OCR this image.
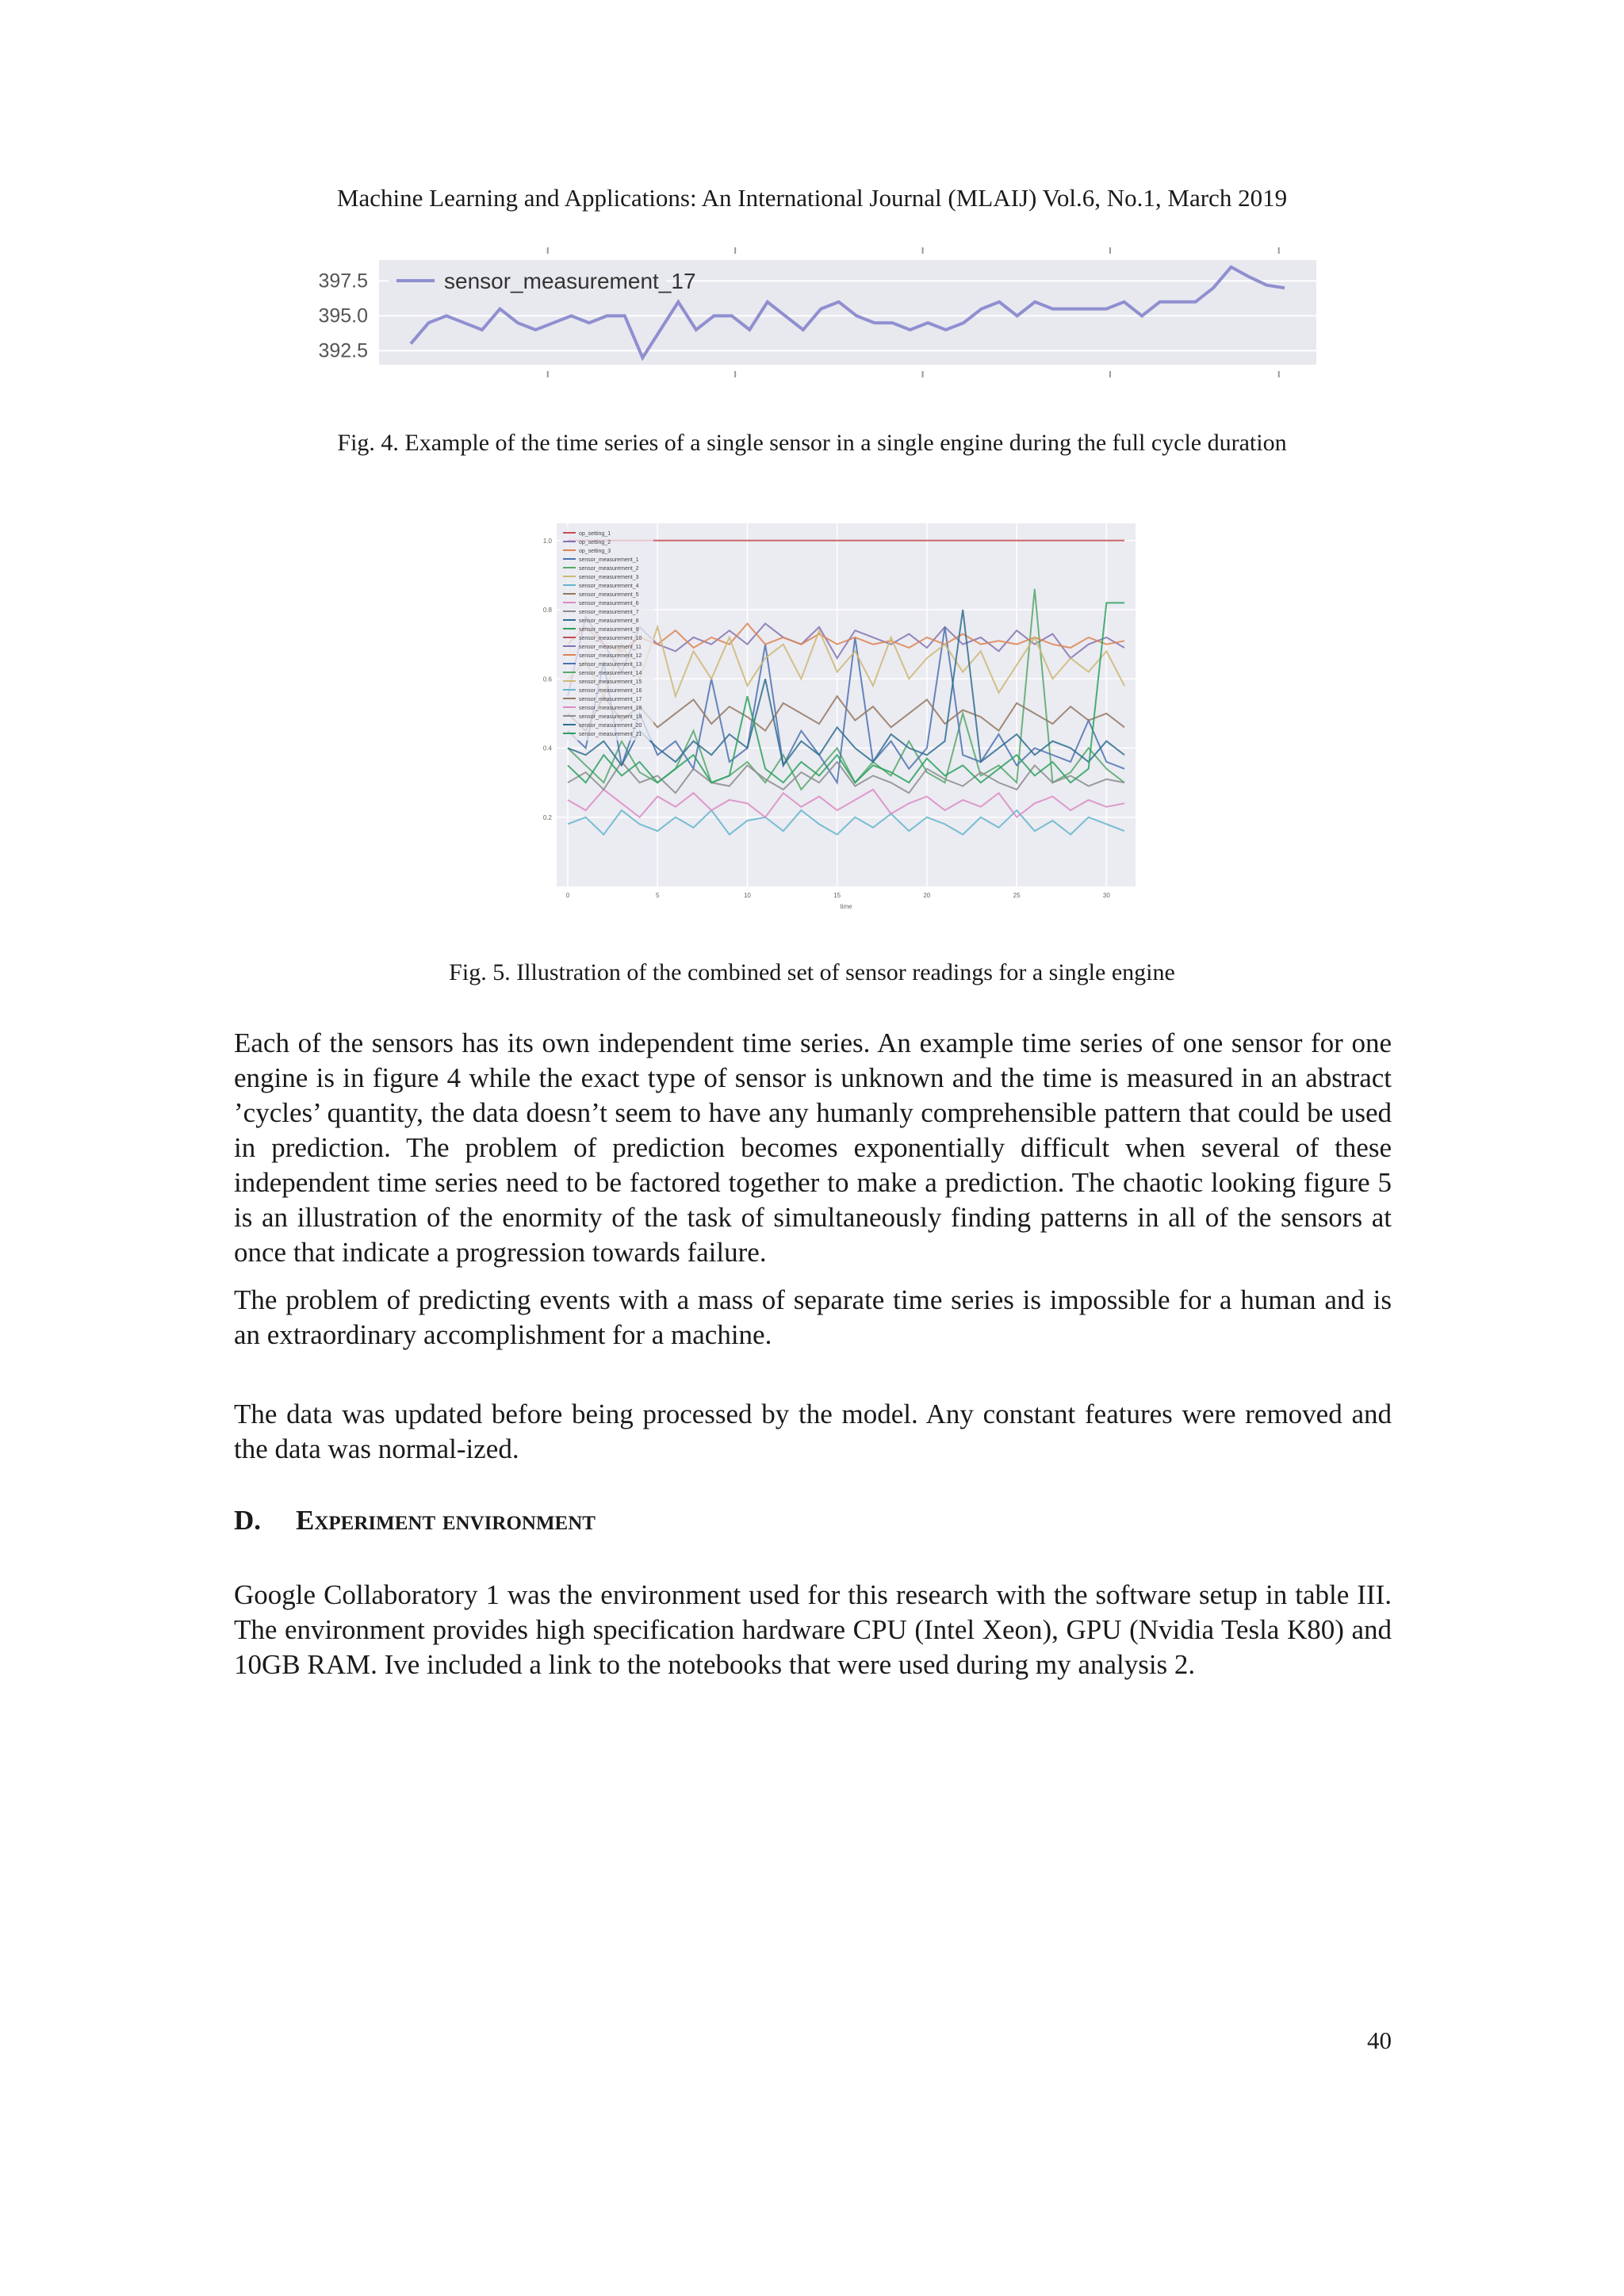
Machine Learning and Applications: An International Journal (MLAIJ) Vol.6, No.1, March 2019
397.5
395.0
392.5
sensor_measurement_17
Fig. 4. Example of the time series of a single sensor in a single engine during the full cycle duration
1.0
0.8
0.6
0.4
0.2
0	5	10	15	20	25	30
time
op_setting_1
op_setting_2
op_setting_3
sensor_measurement_1
sensor_measurement_2
sensor_measurement_3
sensor_measurement_4
sensor_measurement_5
sensor_measurement_6
sensor_measurement_7
sensor_measurement_8
sensor_measurement_9
sensor_measurement_10
sensor_measurement_11
sensor_measurement_12
sensor_measurement_13
sensor_measurement_14
sensor_measurement_15
sensor_measurement_16
sensor_measurement_17
sensor_measurement_18
sensor_measurement_19
sensor_measurement_20
sensor_measurement_21
Fig. 5. Illustration of the combined set of sensor readings for a single engine

Each of the sensors has its own independent time series. An example time series of one sensor for one engine is in figure 4 while the exact type of sensor is unknown and the time is measured in an abstract ’cycles’ quantity, the data doesn’t seem to have any humanly comprehensible pattern that could be used in prediction. The problem of prediction becomes exponentially difficult when several of these independent time series need to be factored together to make a prediction. The chaotic looking figure 5 is an illustration of the enormity of the task of simultaneously finding patterns in all of the sensors at once that indicate a progression towards failure.

The problem of predicting events with a mass of separate time series is impossible for a human and is an extraordinary accomplishment for a machine.

The data was updated before being processed by the model. Any constant features were removed and the data was normal-ized.

D. Experiment environment

Google Collaboratory 1 was the environment used for this research with the software setup in table III. The environment provides high specification hardware CPU (Intel Xeon), GPU (Nvidia Tesla K80) and 10GB RAM. Ive included a link to the notebooks that were used during my analysis 2.

40
